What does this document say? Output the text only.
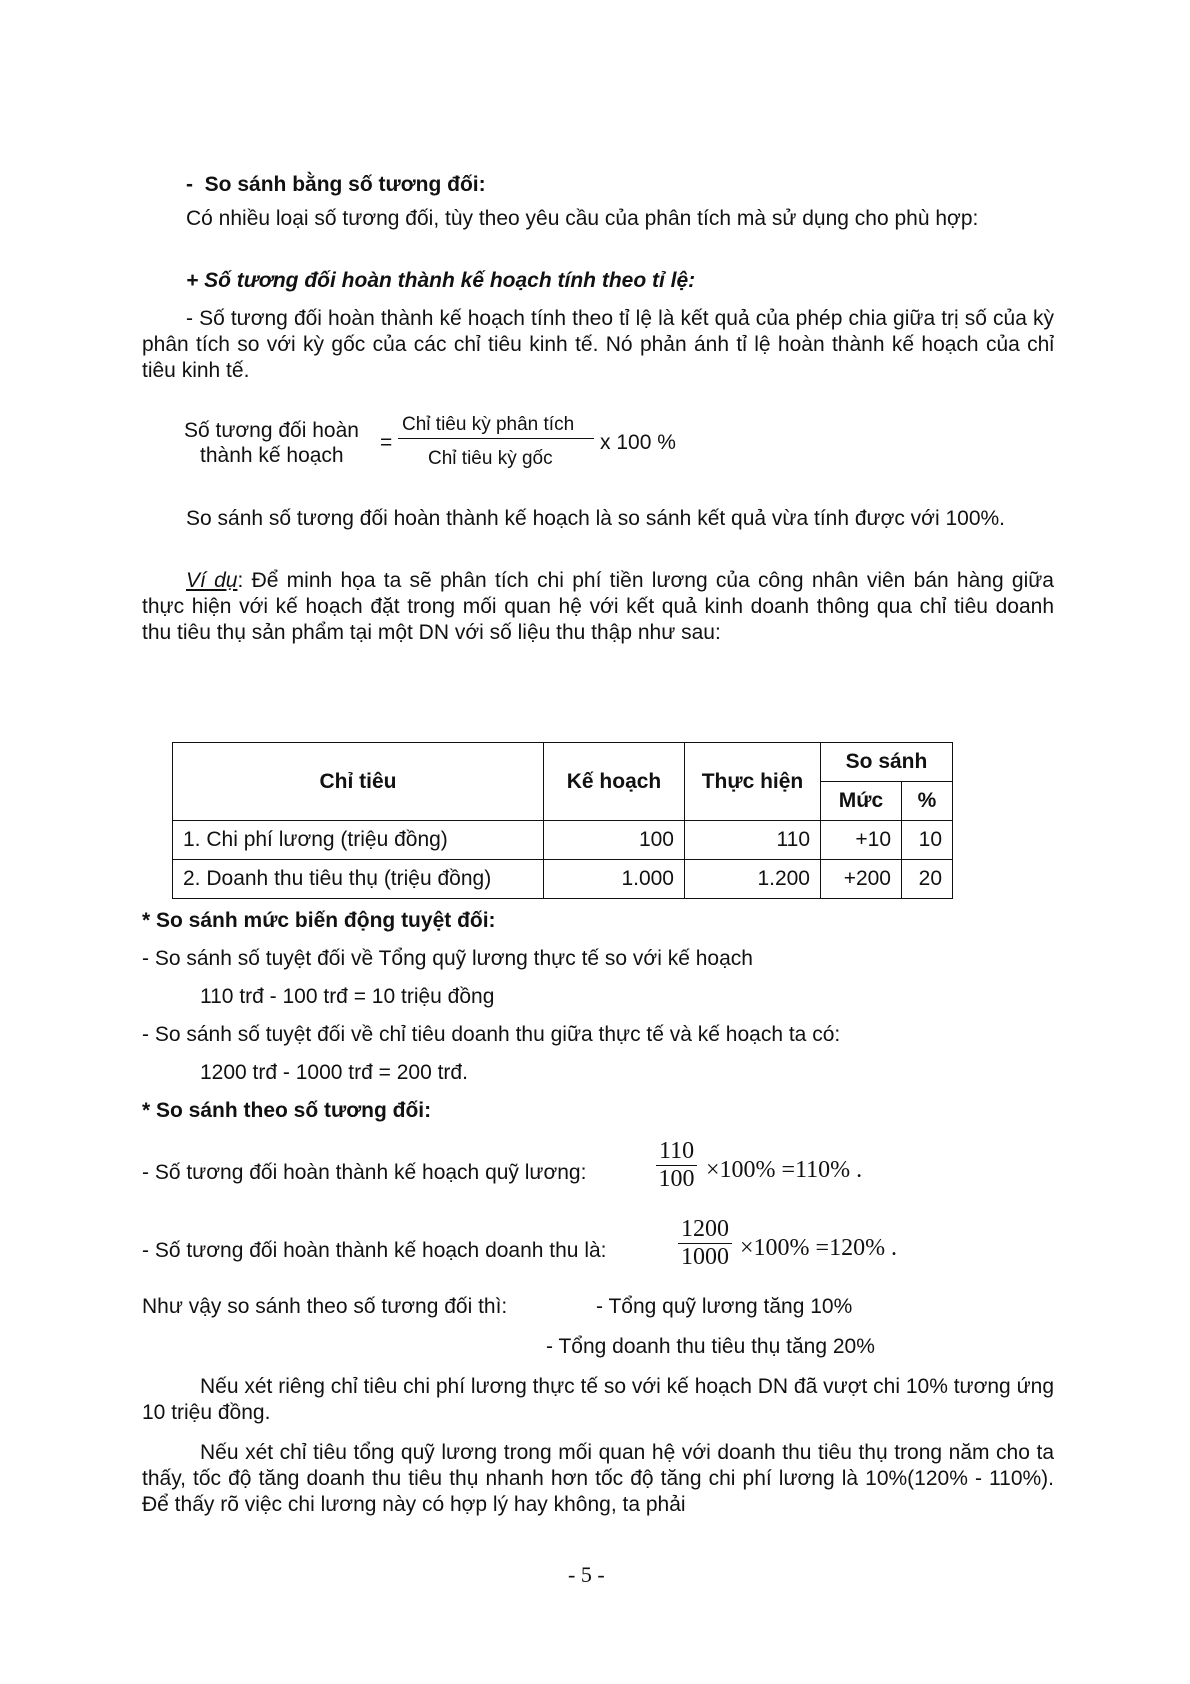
- So sánh bằng số tương đối:
Có nhiều loại số tương đối, tùy theo yêu cầu của phân tích mà sử dụng cho phù hợp:
+ Số tương đối hoàn thành kế hoạch tính theo tỉ lệ:
- Số tương đối hoàn thành kế hoạch tính theo tỉ lệ là kết quả của phép chia giữa trị số của kỳ phân tích so với kỳ gốc của các chỉ tiêu kinh tế. Nó phản ánh tỉ lệ hoàn thành kế hoạch của chỉ tiêu kinh tế.
Số tương đối hoàn
thành kế hoạch
=
Chỉ tiêu kỳ phân tích
Chỉ tiêu kỳ gốc
x 100 %
So sánh số tương đối hoàn thành kế hoạch là so sánh kết quả vừa tính được với 100%.
Ví dụ: Để minh họa ta sẽ phân tích chi phí tiền lương của công nhân viên bán hàng giữa thực hiện với kế hoạch đặt trong mối quan hệ với kết quả kinh doanh thông qua chỉ tiêu doanh thu tiêu thụ sản phẩm tại một DN với số liệu thu thập như sau:
Chỉ tiêu	Kế hoạch	Thực hiện	So sánh	
			Mức	%
1. Chi phí lương (triệu đồng)	100	110	+10	10
2. Doanh thu tiêu thụ (triệu đồng)	1.000	1.200	+200	20
* So sánh mức biến động tuyệt đối:
- So sánh số tuyệt đối về Tổng quỹ lương thực tế so với kế hoạch
110 trđ - 100 trđ = 10 triệu đồng
- So sánh số tuyệt đối về chỉ tiêu doanh thu giữa thực tế và kế hoạch ta có:
1200 trđ - 1000 trđ = 200 trđ.
* So sánh theo số tương đối:
- Số tương đối hoàn thành kế hoạch quỹ lương:	$\frac{110}{100} \times 100\% =110\%$ .
- Số tương đối hoàn thành kế hoạch doanh thu là:	$\frac{1200}{1000} \times 100\% =120\%$ .
Như vậy so sánh theo số tương đối thì:	- Tổng quỹ lương tăng 10%
- Tổng doanh thu tiêu thụ tăng 20%
Nếu xét riêng chỉ tiêu chi phí lương thực tế so với kế hoạch DN đã vượt chi 10% tương ứng 10 triệu đồng.
Nếu xét chỉ tiêu tổng quỹ lương trong mối quan hệ với doanh thu tiêu thụ trong năm cho ta thấy, tốc độ tăng doanh thu tiêu thụ nhanh hơn tốc độ tăng chi phí lương là 10%(120% - 110%). Để thấy rõ việc chi lương này có hợp lý hay không, ta phải
- 5 -
